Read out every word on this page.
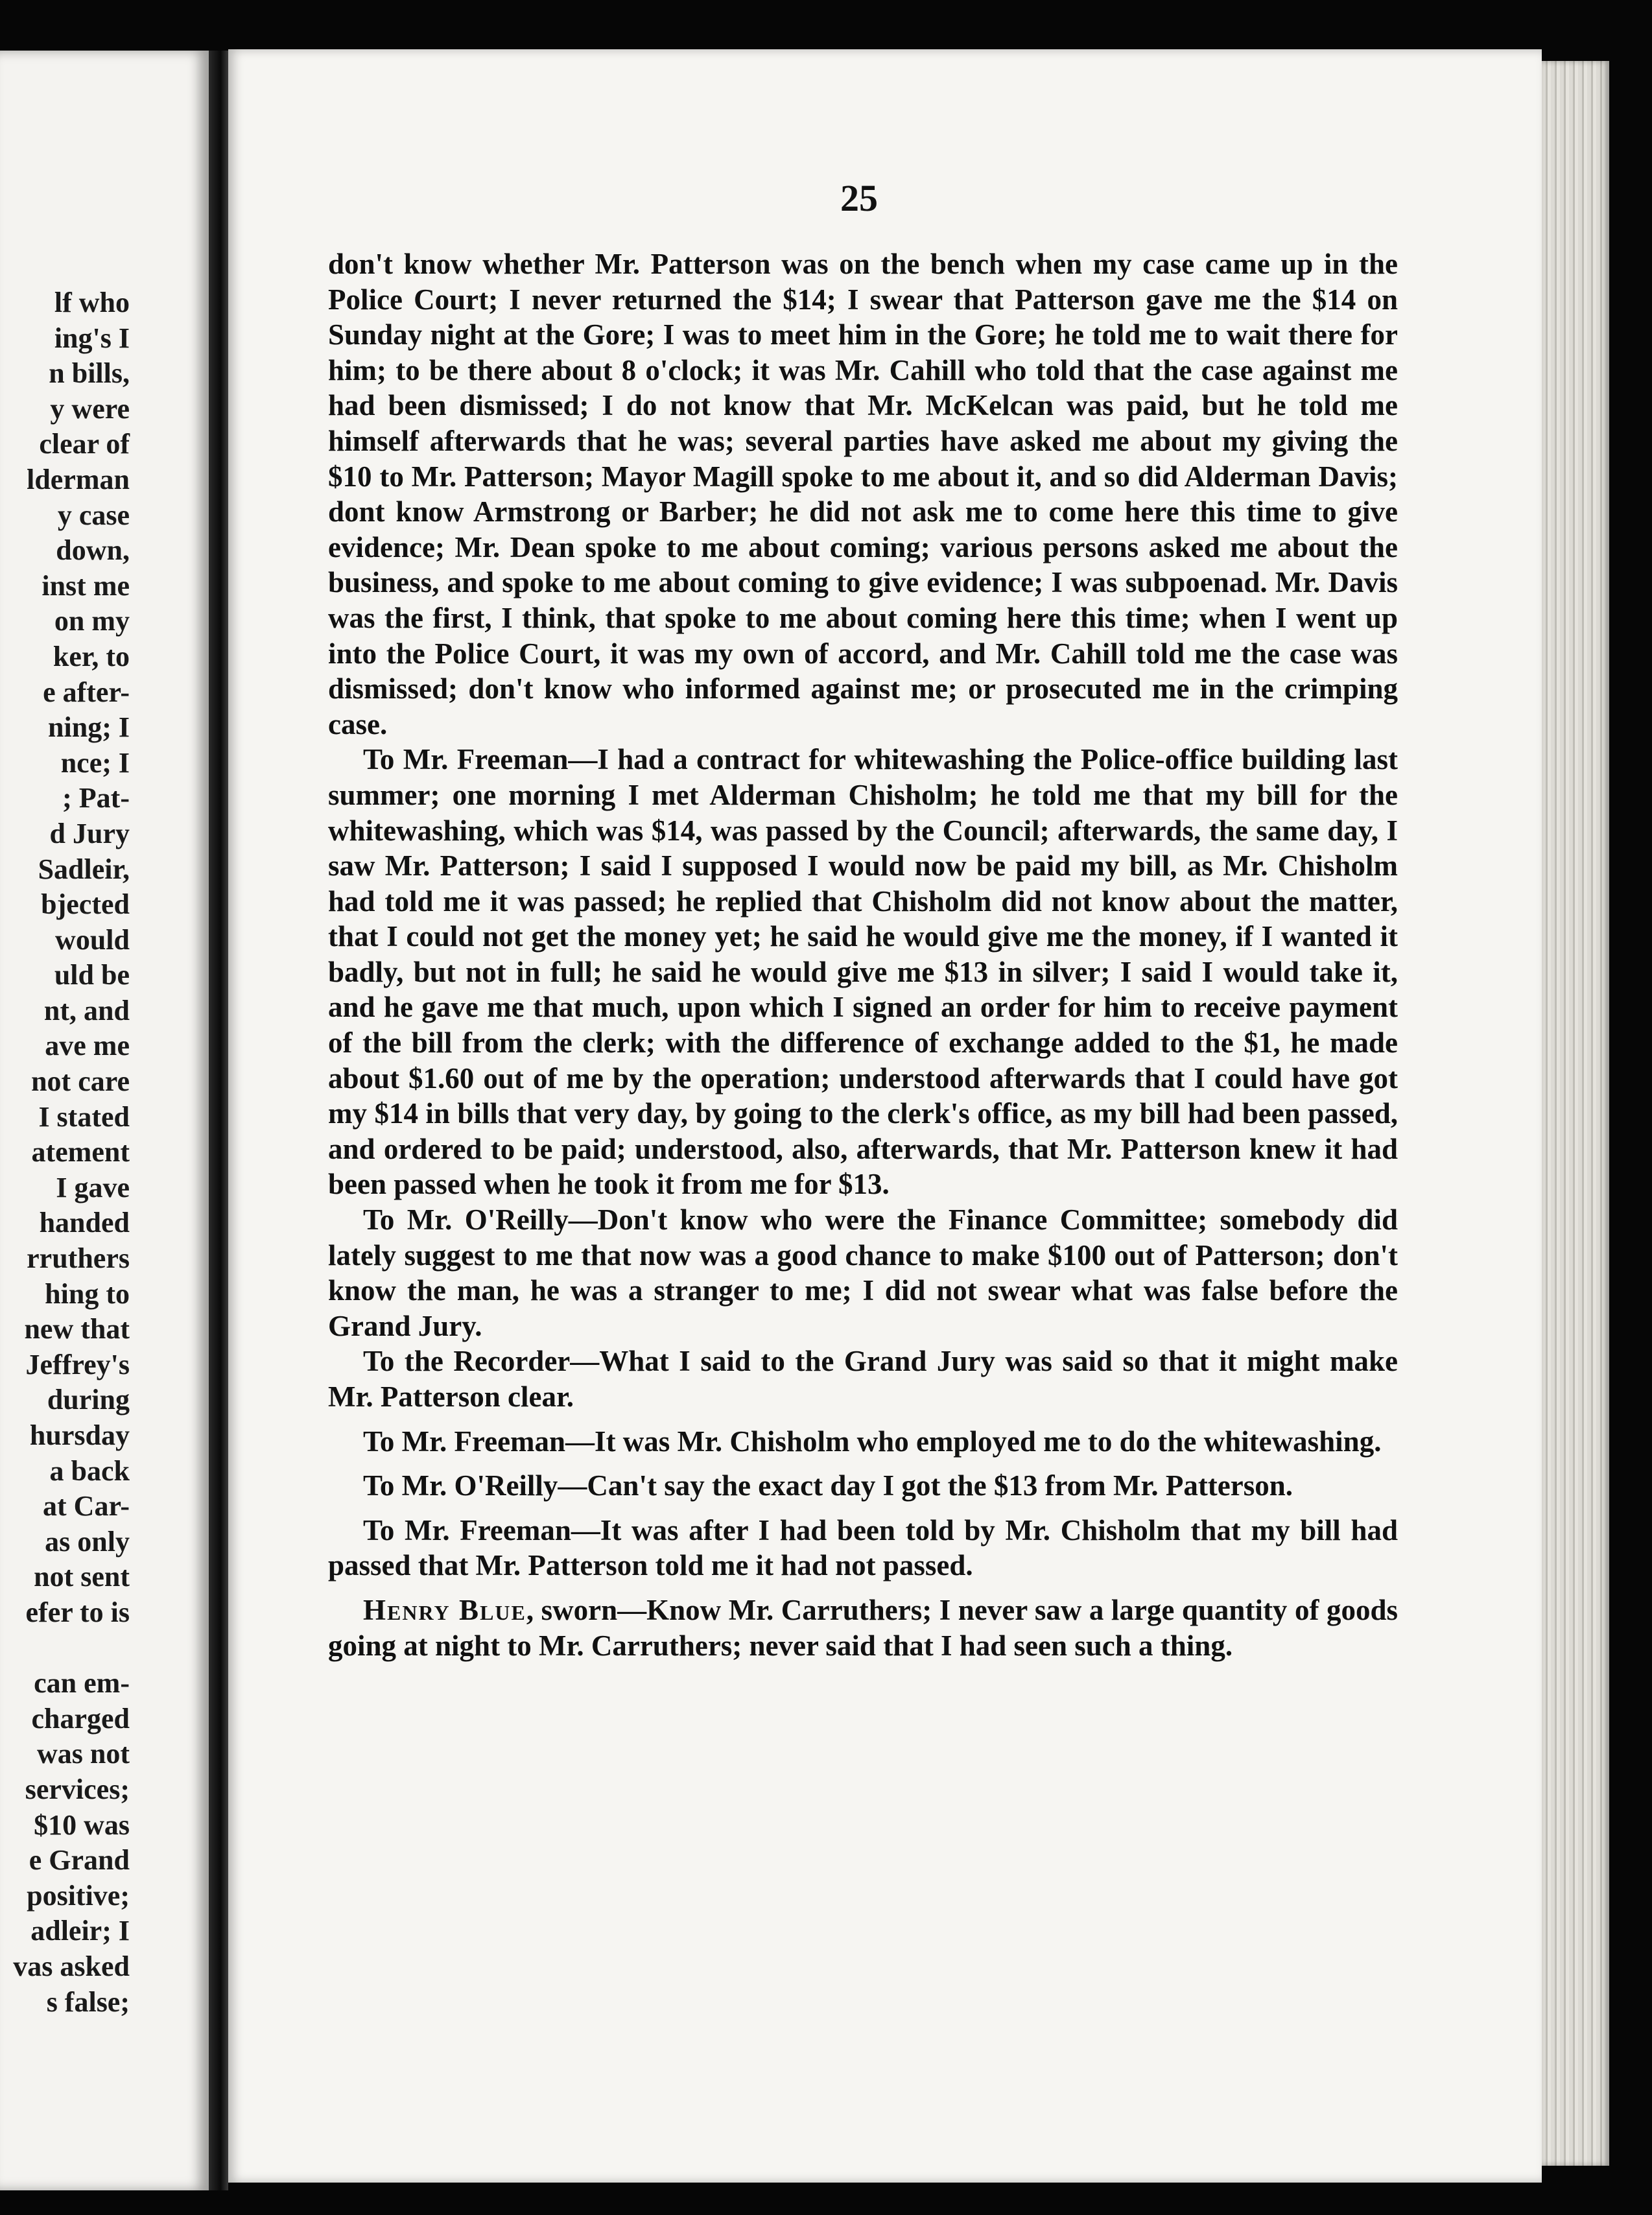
lf who
ing's I
n bills,
y were
clear of
lderman
y case
down,
inst me
on my
ker, to
e after-
ning; I
nce; I
; Pat-
d Jury
Sadleir,
bjected
would
uld be
nt, and
ave me
not care
I stated
atement
I gave
handed
rruthers
hing to
new that
Jeffrey's
during
hursday
a back
at Car-
as only
not sent
efer to is

can em-
charged
was not
services;
$10 was
e Grand
positive;
adleir; I
vas asked
s false;
25

don't know whether Mr. Patterson was on the bench when my case came up in the Police Court; I never returned the $14; I swear that Patterson gave me the $14 on Sunday night at the Gore; I was to meet him in the Gore; he told me to wait there for him; to be there about 8 o'clock; it was Mr. Cahill who told that the case against me had been dismissed; I do not know that Mr. McKelcan was paid, but he told me himself afterwards that he was; several parties have asked me about my giving the $10 to Mr. Patterson; Mayor Magill spoke to me about it, and so did Alderman Davis; dont know Armstrong or Barber; he did not ask me to come here this time to give evidence; Mr. Dean spoke to me about coming; various persons asked me about the business, and spoke to me about coming to give evidence; I was subpoenad. Mr. Davis was the first, I think, that spoke to me about coming here this time; when I went up into the Police Court, it was my own of accord, and Mr. Cahill told me the case was dismissed; don't know who informed against me; or prosecuted me in the crimping case.

To Mr. Freeman—I had a contract for whitewashing the Police-office building last summer; one morning I met Alderman Chisholm; he told me that my bill for the whitewashing, which was $14, was passed by the Council; afterwards, the same day, I saw Mr. Patterson; I said I supposed I would now be paid my bill, as Mr. Chisholm had told me it was passed; he replied that Chisholm did not know about the matter, that I could not get the money yet; he said he would give me the money, if I wanted it badly, but not in full; he said he would give me $13 in silver; I said I would take it, and he gave me that much, upon which I signed an order for him to receive payment of the bill from the clerk; with the difference of exchange added to the $1, he made about $1.60 out of me by the operation; understood afterwards that I could have got my $14 in bills that very day, by going to the clerk's office, as my bill had been passed, and ordered to be paid; understood, also, afterwards, that Mr. Patterson knew it had been passed when he took it from me for $13.

To Mr. O'Reilly—Don't know who were the Finance Committee; somebody did lately suggest to me that now was a good chance to make $100 out of Patterson; don't know the man, he was a stranger to me; I did not swear what was false before the Grand Jury.

To the Recorder—What I said to the Grand Jury was said so that it might make Mr. Patterson clear.

To Mr. Freeman—It was Mr. Chisholm who employed me to do the whitewashing.

To Mr. O'Reilly—Can't say the exact day I got the $13 from Mr. Patterson.

To Mr. Freeman—It was after I had been told by Mr. Chisholm that my bill had passed that Mr. Patterson told me it had not passed.

Henry Blue, sworn—Know Mr. Carruthers; I never saw a large quantity of goods going at night to Mr. Carruthers; never said that I had seen such a thing.
